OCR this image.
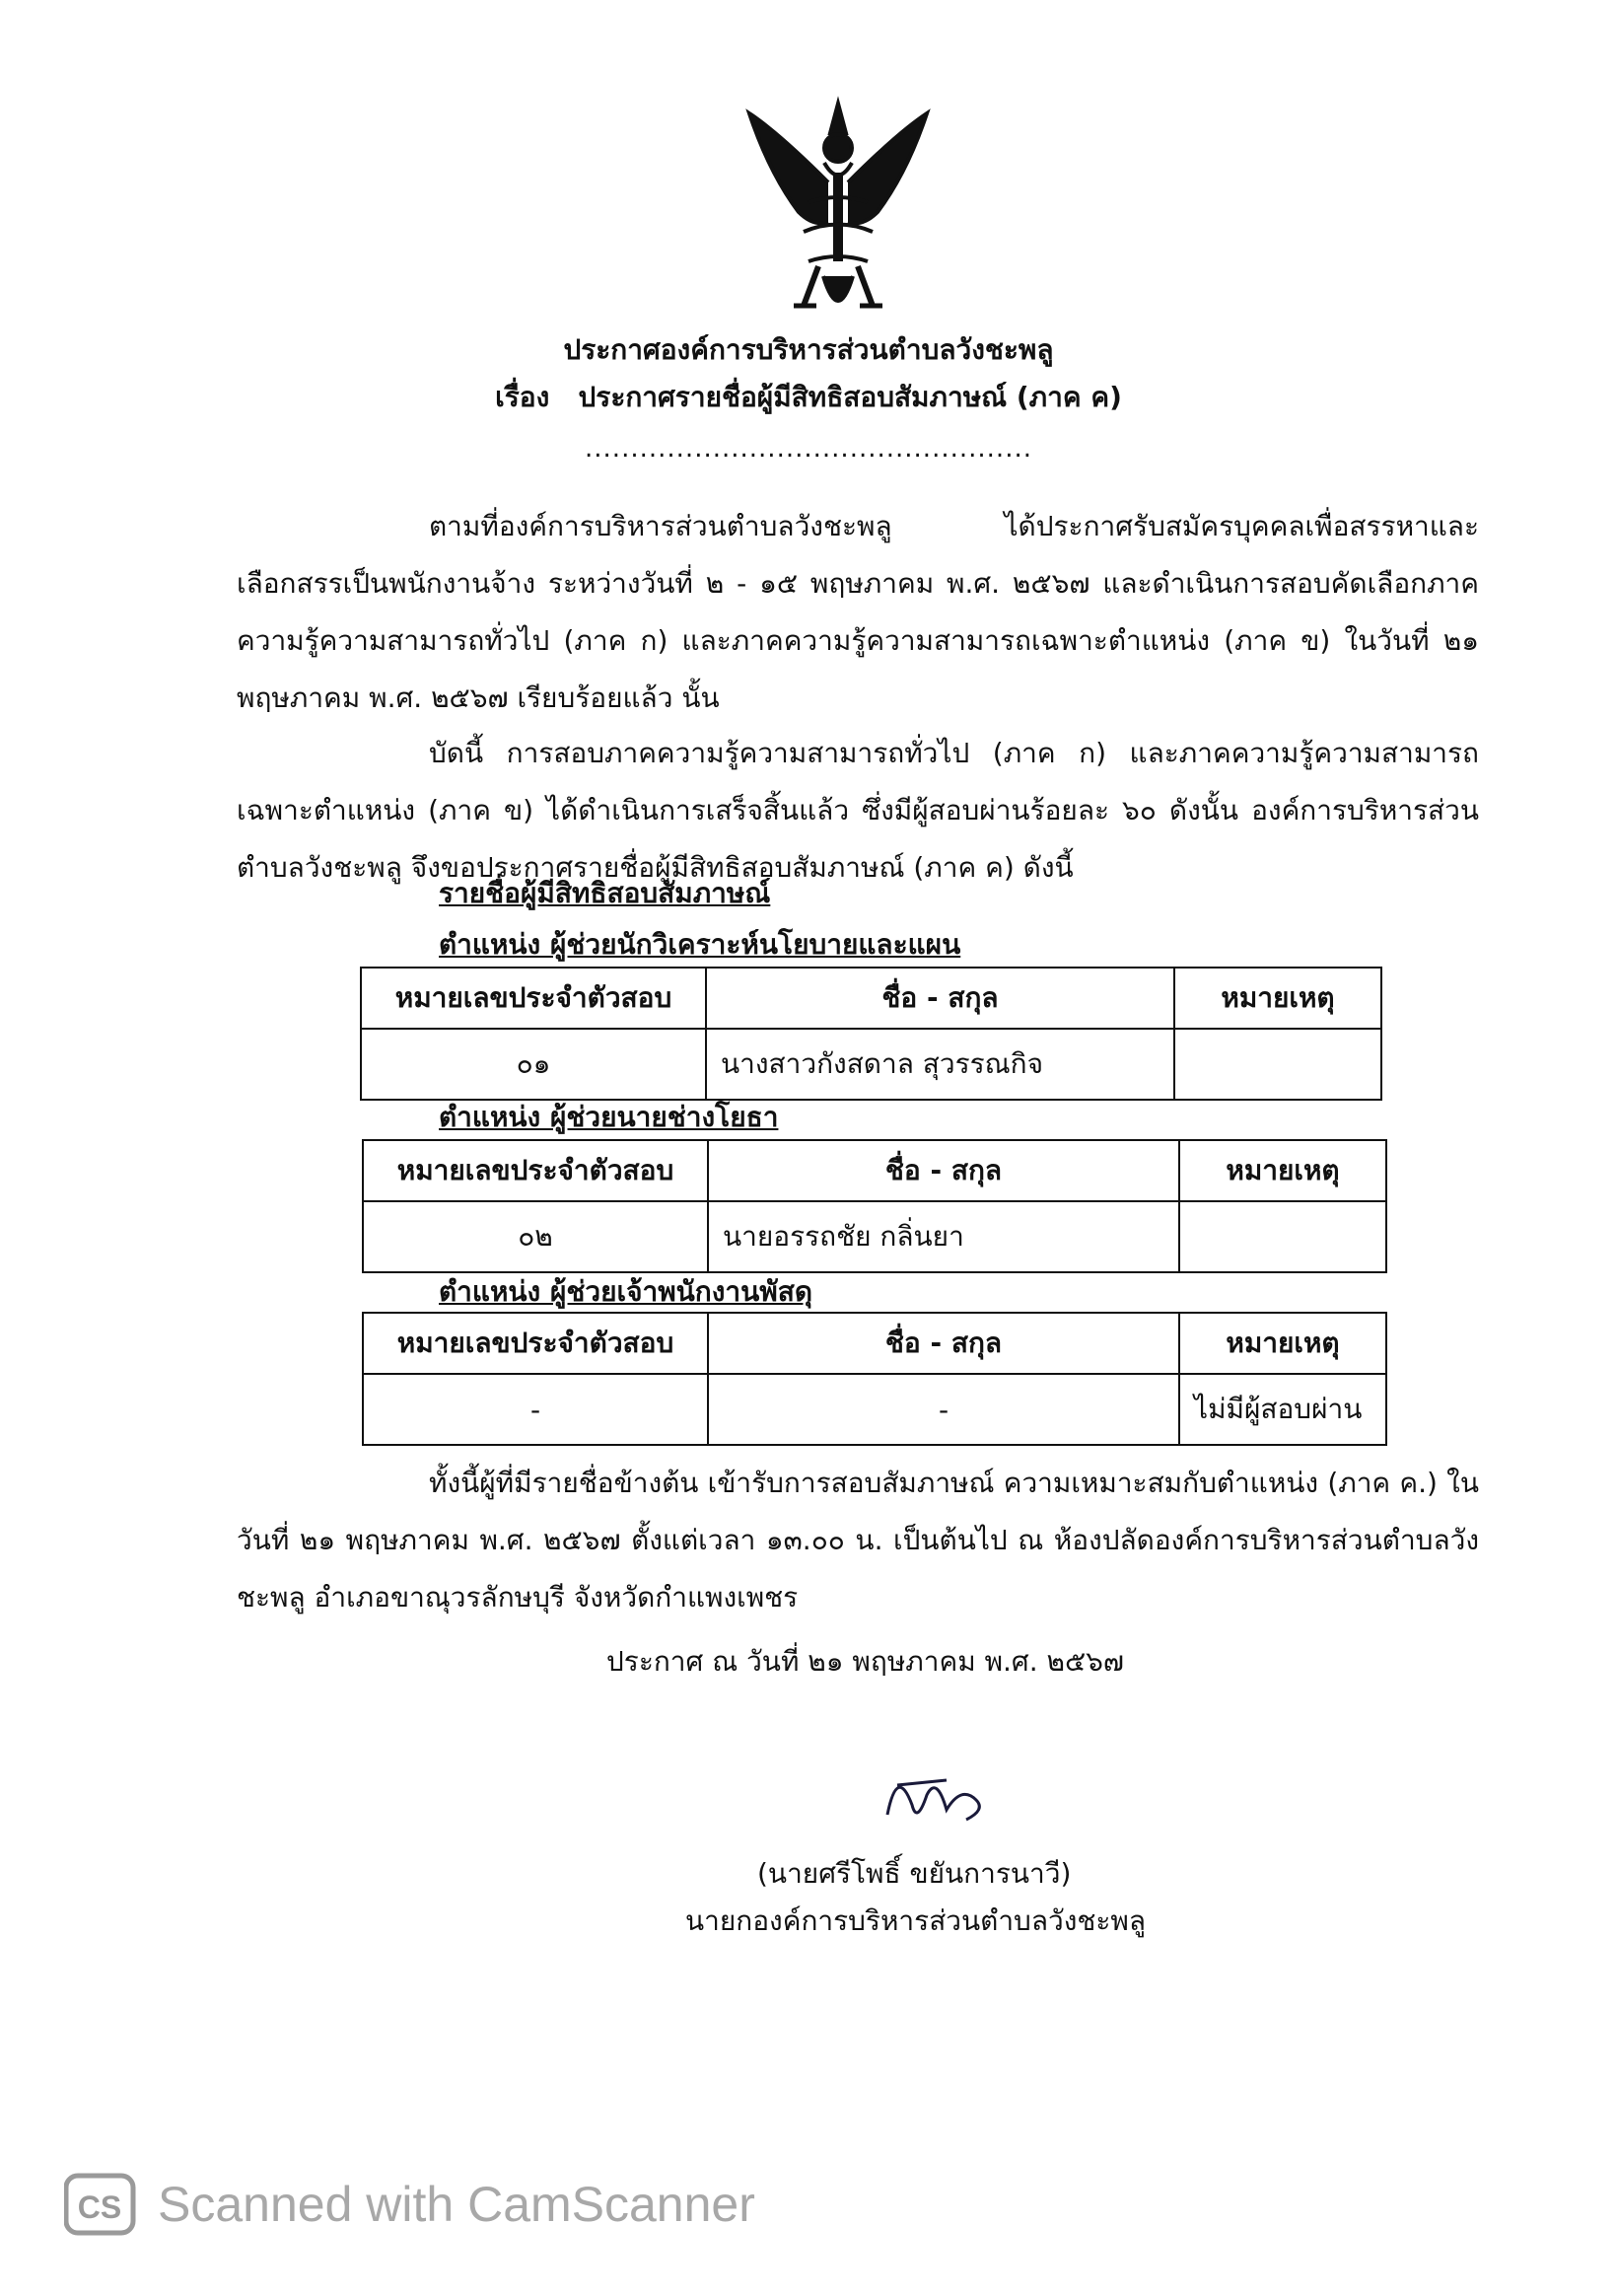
ประกาศองค์การบริหารส่วนตำบลวังชะพลู
เรื่อง ประกาศรายชื่อผู้มีสิทธิสอบสัมภาษณ์ (ภาค ค)
.................................................

ตามที่องค์การบริหารส่วนตำบลวังชะพลู ได้ประกาศรับสมัครบุคคลเพื่อสรรหาและเลือกสรรเป็นพนักงานจ้าง ระหว่างวันที่ ๒ - ๑๕ พฤษภาคม พ.ศ. ๒๕๖๗ และดำเนินการสอบคัดเลือกภาคความรู้ความสามารถทั่วไป (ภาค ก) และภาคความรู้ความสามารถเฉพาะตำแหน่ง (ภาค ข) ในวันที่ ๒๑ พฤษภาคม พ.ศ. ๒๕๖๗ เรียบร้อยแล้ว นั้น

บัดนี้ การสอบภาคความรู้ความสามารถทั่วไป (ภาค ก) และภาคความรู้ความสามารถเฉพาะตำแหน่ง (ภาค ข) ได้ดำเนินการเสร็จสิ้นแล้ว ซึ่งมีผู้สอบผ่านร้อยละ ๖๐ ดังนั้น องค์การบริหารส่วนตำบลวังชะพลู จึงขอประกาศรายชื่อผู้มีสิทธิสอบสัมภาษณ์ (ภาค ค) ดังนี้

รายชื่อผู้มีสิทธิสอบสัมภาษณ์
ตำแหน่ง ผู้ช่วยนักวิเคราะห์นโยบายและแผน
หมายเลขประจำตัวสอบ	ชื่อ - สกุล	หมายเหตุ
๐๑	นางสาวกังสดาล สุวรรณกิจ	
ตำแหน่ง ผู้ช่วยนายช่างโยธา
หมายเลขประจำตัวสอบ	ชื่อ - สกุล	หมายเหตุ
๐๒	นายอรรถชัย กลิ่นยา	
ตำแหน่ง ผู้ช่วยเจ้าพนักงานพัสดุ
หมายเลขประจำตัวสอบ	ชื่อ - สกุล	หมายเหตุ
-	-	ไม่มีผู้สอบผ่าน

ทั้งนี้ผู้ที่มีรายชื่อข้างต้น เข้ารับการสอบสัมภาษณ์ ความเหมาะสมกับตำแหน่ง (ภาค ค.) ในวันที่ ๒๑ พฤษภาคม พ.ศ. ๒๕๖๗ ตั้งแต่เวลา ๑๓.๐๐ น. เป็นต้นไป ณ ห้องปลัดองค์การบริหารส่วนตำบลวังชะพลู อำเภอขาณุวรลักษบุรี จังหวัดกำแพงเพชร

ประกาศ ณ วันที่ ๒๑ พฤษภาคม พ.ศ. ๒๕๖๗
(นายศรีโพธิ์ ขยันการนาวี)
นายกองค์การบริหารส่วนตำบลวังชะพลู
CS Scanned with CamScanner
